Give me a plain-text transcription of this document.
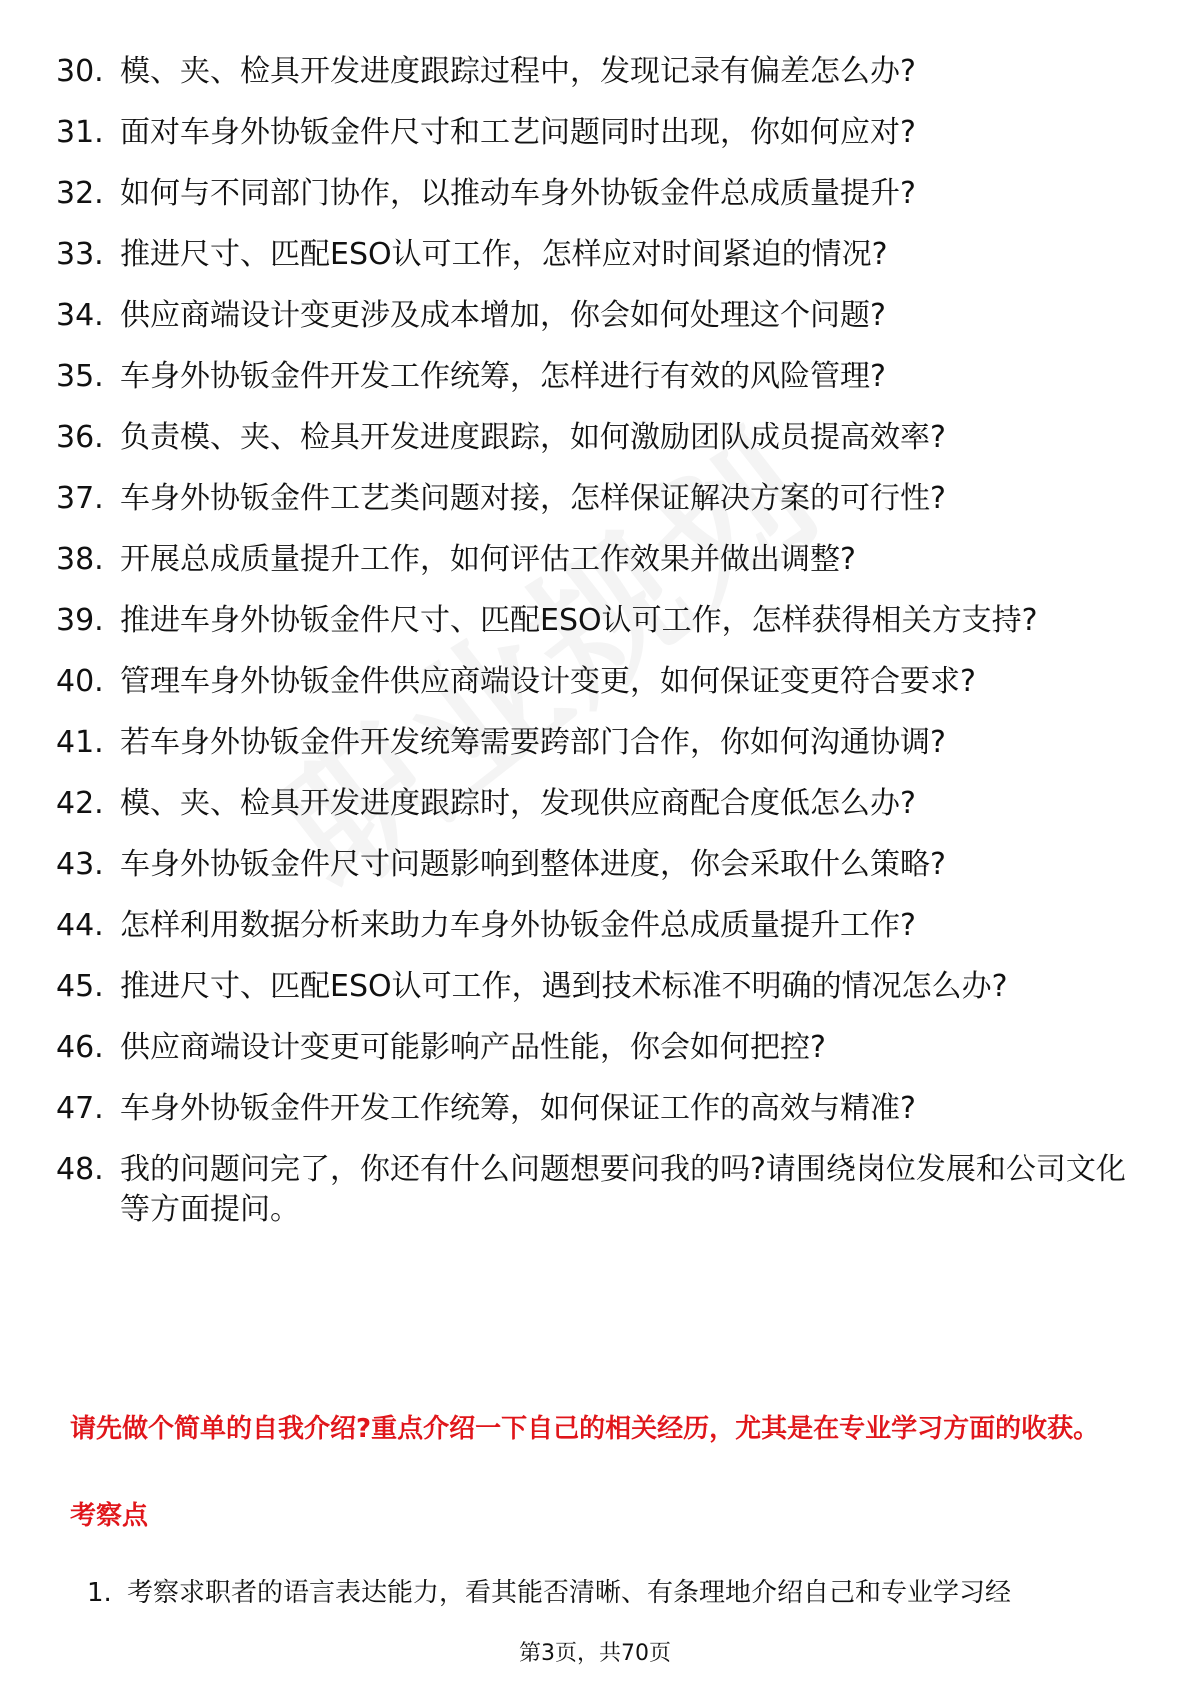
30. 模、夹、检具开发进度跟踪过程中，发现记录有偏差怎么办?
31. 面对车身外协钣金件尺寸和工艺问题同时出现，你如何应对?
32. 如何与不同部门协作，以推动车身外协钣金件总成质量提升?
33. 推进尺寸、匹配ESO认可工作，怎样应对时间紧迫的情况?
34. 供应商端设计变更涉及成本增加，你会如何处理这个问题?
35. 车身外协钣金件开发工作统筹，怎样进行有效的风险管理?
36. 负责模、夹、检具开发进度跟踪，如何激励团队成员提高效率?
37. 车身外协钣金件工艺类问题对接，怎样保证解决方案的可行性?
38. 开展总成质量提升工作，如何评估工作效果并做出调整?
39. 推进车身外协钣金件尺寸、匹配ESO认可工作，怎样获得相关方支持?
40. 管理车身外协钣金件供应商端设计变更，如何保证变更符合要求?
41. 若车身外协钣金件开发统筹需要跨部门合作，你如何沟通协调?
42. 模、夹、检具开发进度跟踪时，发现供应商配合度低怎么办?
43. 车身外协钣金件尺寸问题影响到整体进度，你会采取什么策略?
44. 怎样利用数据分析来助力车身外协钣金件总成质量提升工作?
45. 推进尺寸、匹配ESO认可工作，遇到技术标准不明确的情况怎么办?
46. 供应商端设计变更可能影响产品性能，你会如何把控?
47. 车身外协钣金件开发工作统筹，如何保证工作的高效与精准?
48. 我的问题问完了，你还有什么问题想要问我的吗?请围绕岗位发展和公司文化等方面提问。
请先做个简单的自我介绍?重点介绍一下自己的相关经历，尤其是在专业学习方面的收获。
考察点
1. 考察求职者的语言表达能力，看其能否清晰、有条理地介绍自己和专业学习经
第3页，共70页
